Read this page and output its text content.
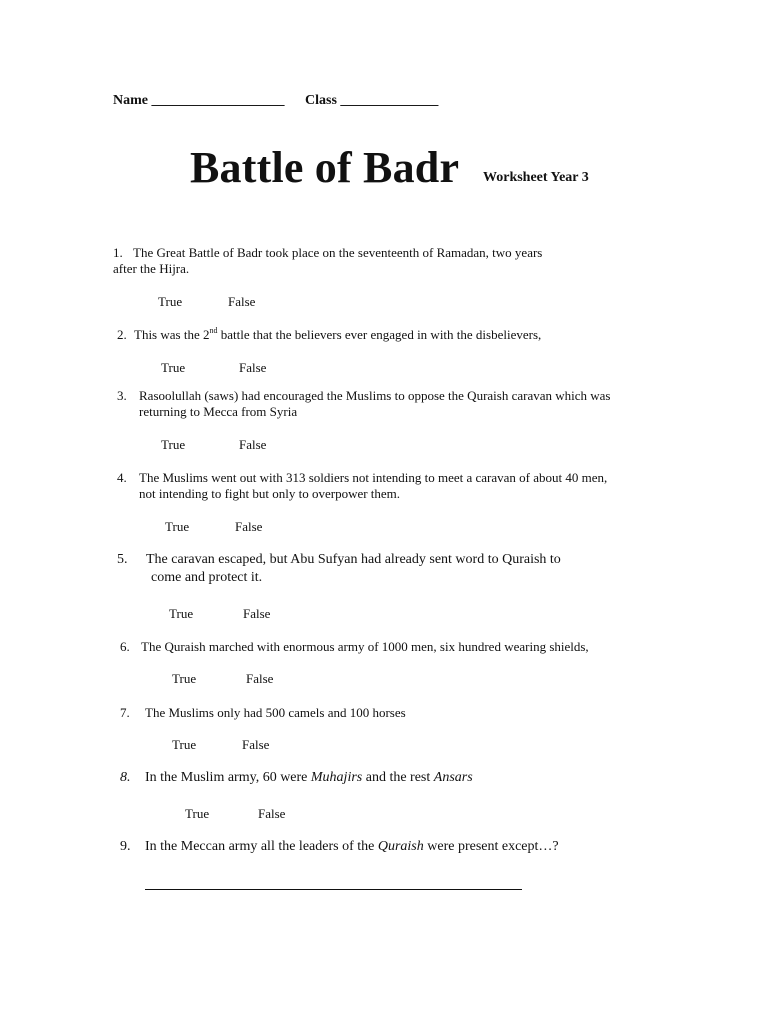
Name ___________________ Class ______________
Battle of Badr Worksheet Year 3
1. The Great Battle of Badr took place on the seventeenth of Ramadan, two years
after the Hijra.
True	False
2. This was the 2nd battle that the believers ever engaged in with the disbelievers,
True	False
3. Rasoolullah (saws) had encouraged the Muslims to oppose the Quraish caravan which was
returning to Mecca from Syria
True	False
4. The Muslims went out with 313 soldiers not intending to meet a caravan of about 40 men,
not intending to fight but only to overpower them.
True	False
5. The caravan escaped, but Abu Sufyan had already sent word to Quraish to
come and protect it.
True	False
6. The Quraish marched with enormous army of 1000 men, six hundred wearing shields,
True	False
7. The Muslims only had 500 camels and 100 horses
True	False
8. In the Muslim army, 60 were Muhajirs and the rest Ansars
True	False
9. In the Meccan army all the leaders of the Quraish were present except…?
